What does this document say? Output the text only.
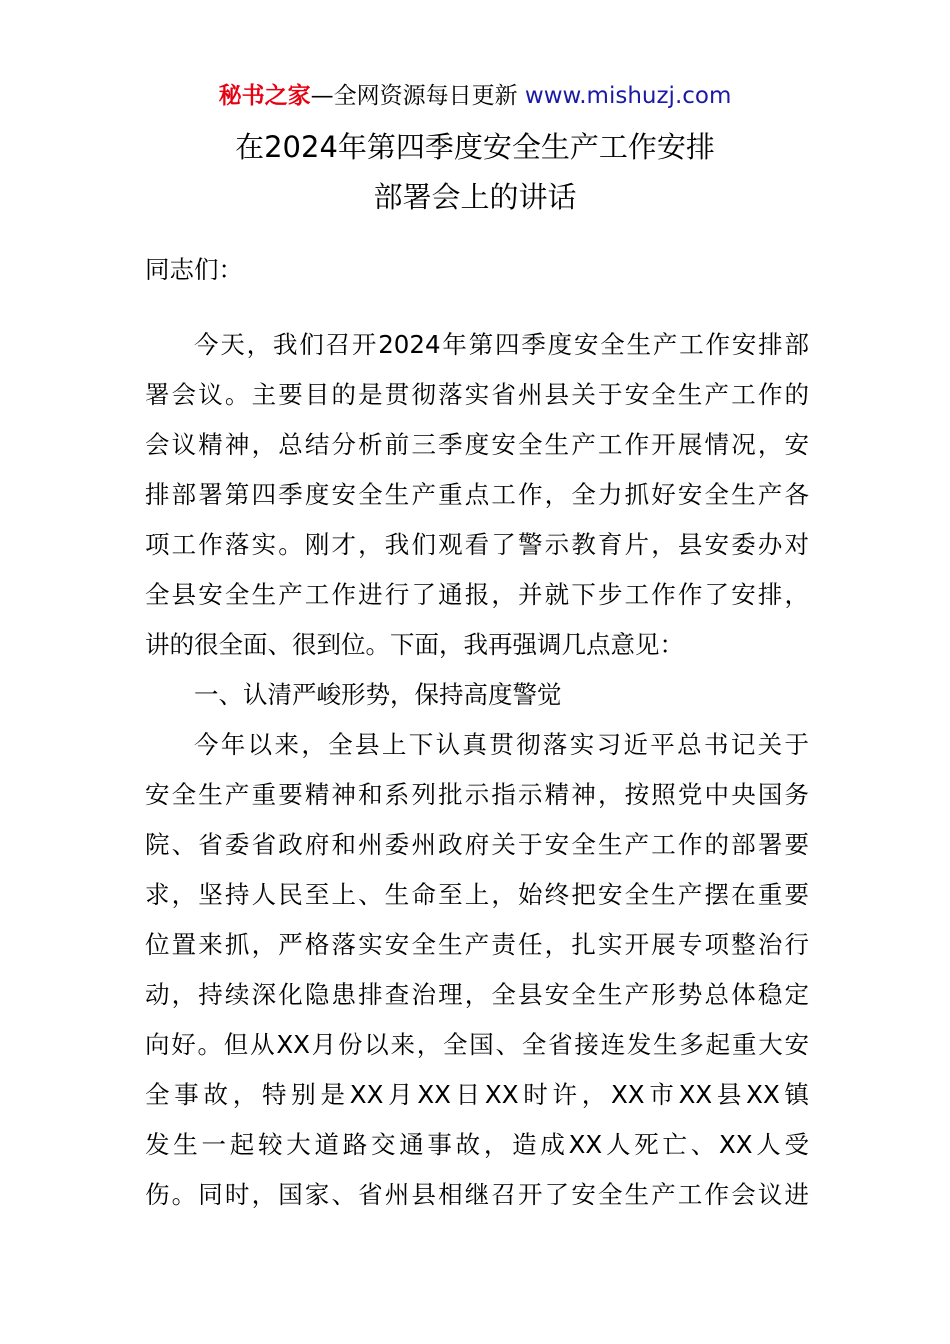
秘书之家—全网资源每日更新 www.mishuzj.com
在2024年第四季度安全生产工作安排
部署会上的讲话
同志们：
今天，我们召开2024年第四季度安全生产工作安排部
署会议。主要目的是贯彻落实省州县关于安全生产工作的
会议精神，总结分析前三季度安全生产工作开展情况，安
排部署第四季度安全生产重点工作，全力抓好安全生产各
项工作落实。刚才，我们观看了警示教育片，县安委办对
全县安全生产工作进行了通报，并就下步工作作了安排，
讲的很全面、很到位。下面，我再强调几点意见：
一、认清严峻形势，保持高度警觉
今年以来，全县上下认真贯彻落实习近平总书记关于
安全生产重要精神和系列批示指示精神，按照党中央国务
院、省委省政府和州委州政府关于安全生产工作的部署要
求，坚持人民至上、生命至上，始终把安全生产摆在重要
位置来抓，严格落实安全生产责任，扎实开展专项整治行
动，持续深化隐患排查治理，全县安全生产形势总体稳定
向好。但从XX月份以来，全国、全省接连发生多起重大安
全事故，特别是XX月XX日XX时许，XX市XX县XX镇
发生一起较大道路交通事故，造成XX人死亡、XX人受
伤。同时，国家、省州县相继召开了安全生产工作会议进
